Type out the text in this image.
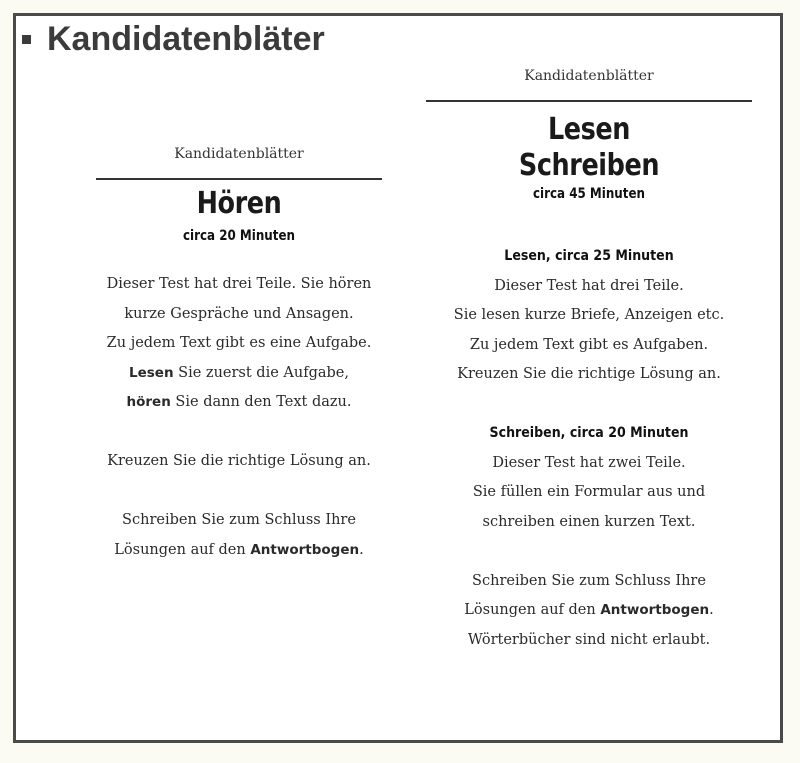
Kandidatenbläter
Kandidatenblätter
Hören
circa 20 Minuten
Dieser Test hat drei Teile. Sie hören
kurze Gespräche und Ansagen.
Zu jedem Text gibt es eine Aufgabe.
Lesen Sie zuerst die Aufgabe,
hören Sie dann den Text dazu.
Kreuzen Sie die richtige Lösung an.
Schreiben Sie zum Schluss Ihre
Lösungen auf den Antwortbogen.
Kandidatenblätter
Lesen
Schreiben
circa 45 Minuten
Lesen, circa 25 Minuten
Dieser Test hat drei Teile.
Sie lesen kurze Briefe, Anzeigen etc.
Zu jedem Text gibt es Aufgaben.
Kreuzen Sie die richtige Lösung an.
Schreiben, circa 20 Minuten
Dieser Test hat zwei Teile.
Sie füllen ein Formular aus und
schreiben einen kurzen Text.
Schreiben Sie zum Schluss Ihre
Lösungen auf den Antwortbogen.
Wörterbücher sind nicht erlaubt.
